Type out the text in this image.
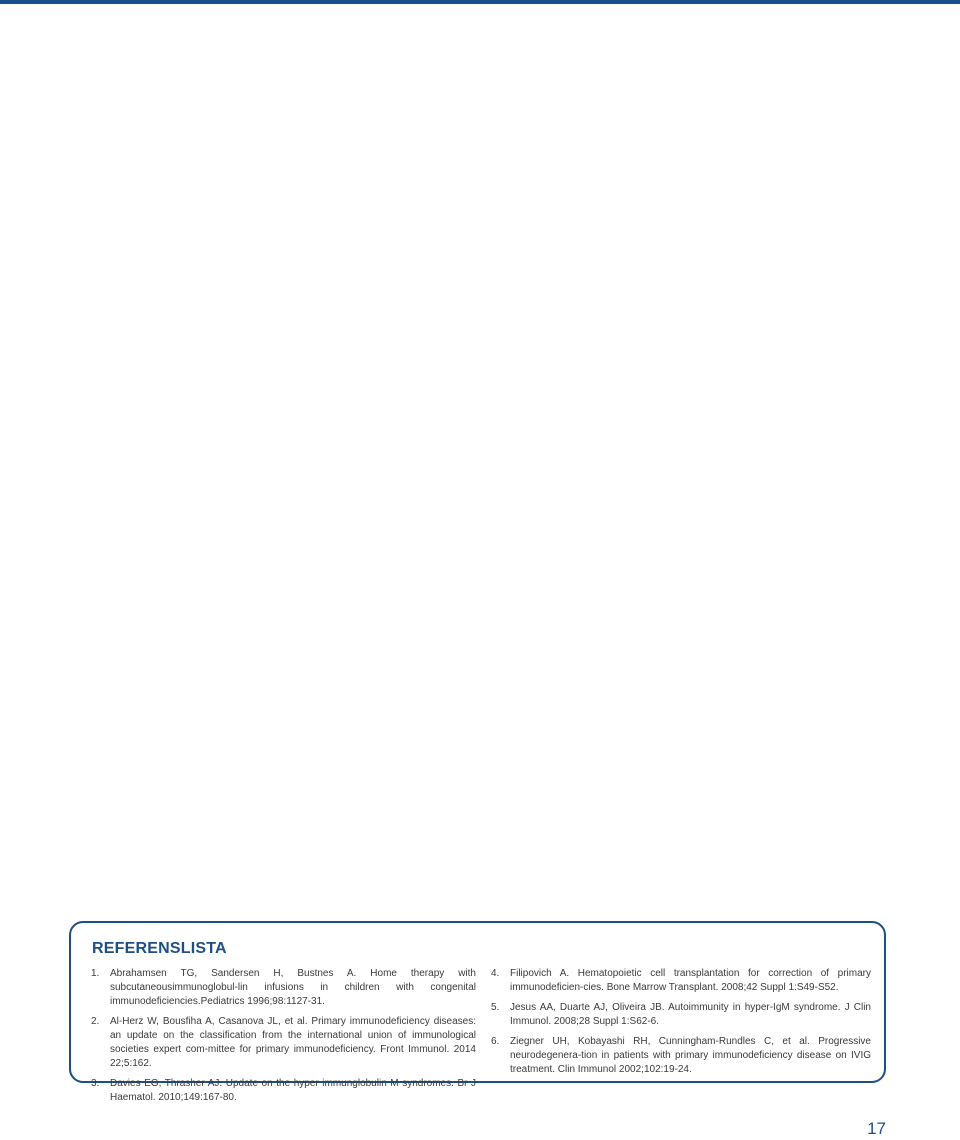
REFERENSLISTA
1.	Abrahamsen TG, Sandersen H, Bustnes A. Home therapy with subcutaneousimmunoglobul-lin infusions in children with congenital immunodeficiencies.Pediatrics 1996;98:1127-31.
2.	Al-Herz W, Bousfiha A, Casanova JL, et al. Primary immunodeficiency diseases: an update on the classification from the international union of immunological societies expert com-mittee for primary immunodeficiency. Front Immunol. 2014 22;5:162.
3.	Davies EG, Thrasher AJ. Update on the hyper immunglobulin M syndromes. Br J Haematol. 2010;149:167-80.
4.	Filipovich A. Hematopoietic cell transplantation for correction of primary immunodeficien-cies. Bone Marrow Transplant. 2008;42 Suppl 1:S49-S52.
5.	Jesus AA, Duarte AJ, Oliveira JB. Autoimmunity in hyper-IgM syndrome. J Clin Immunol. 2008;28 Suppl 1:S62-6.
6.	Ziegner UH, Kobayashi RH, Cunningham-Rundles C, et al. Progressive neurodegenera-tion in patients with primary immunodeficiency disease on IVIG treatment. Clin Immunol 2002;102:19-24.
17
